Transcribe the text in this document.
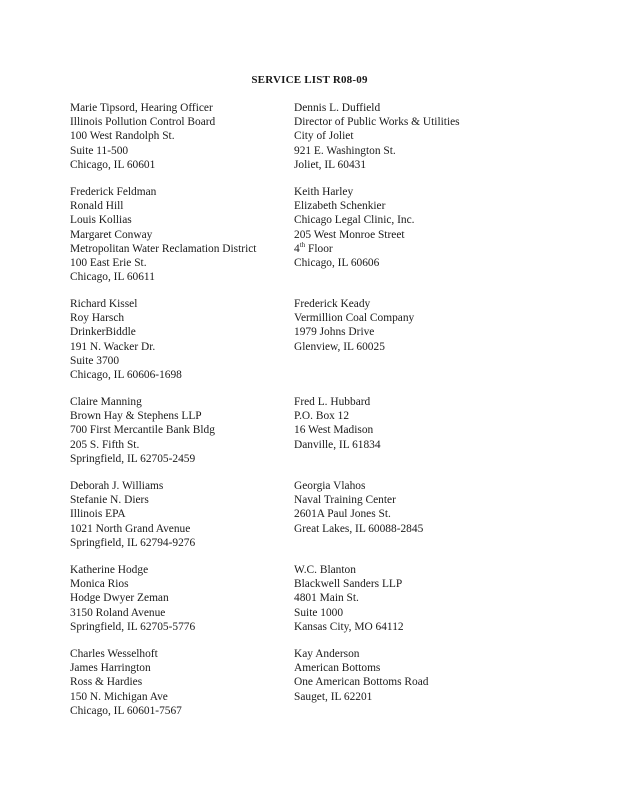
SERVICE LIST R08-09
Marie Tipsord, Hearing Officer
Illinois Pollution Control Board
100 West Randolph St.
Suite 11-500
Chicago, IL 60601
Dennis L. Duffield
Director of Public Works & Utilities
City of Joliet
921 E. Washington St.
Joliet, IL 60431
Frederick Feldman
Ronald Hill
Louis Kollias
Margaret Conway
Metropolitan Water Reclamation District
100 East Erie St.
Chicago, IL 60611
Keith Harley
Elizabeth Schenkier
Chicago Legal Clinic, Inc.
205 West Monroe Street
4th Floor
Chicago, IL 60606
Richard Kissel
Roy Harsch
DrinkerBiddle
191 N. Wacker Dr.
Suite 3700
Chicago, IL 60606-1698
Frederick Keady
Vermillion Coal Company
1979 Johns Drive
Glenview, IL 60025
Claire Manning
Brown Hay & Stephens LLP
700 First Mercantile Bank Bldg
205 S. Fifth St.
Springfield, IL 62705-2459
Fred L. Hubbard
P.O. Box 12
16 West Madison
Danville, IL 61834
Deborah J. Williams
Stefanie N. Diers
Illinois EPA
1021 North Grand Avenue
Springfield, IL 62794-9276
Georgia Vlahos
Naval Training Center
2601A Paul Jones St.
Great Lakes, IL 60088-2845
Katherine Hodge
Monica Rios
Hodge Dwyer Zeman
3150 Roland Avenue
Springfield, IL 62705-5776
W.C. Blanton
Blackwell Sanders LLP
4801 Main St.
Suite 1000
Kansas City, MO 64112
Charles Wesselhoft
James Harrington
Ross & Hardies
150 N. Michigan Ave
Chicago, IL 60601-7567
Kay Anderson
American Bottoms
One American Bottoms Road
Sauget, IL 62201
